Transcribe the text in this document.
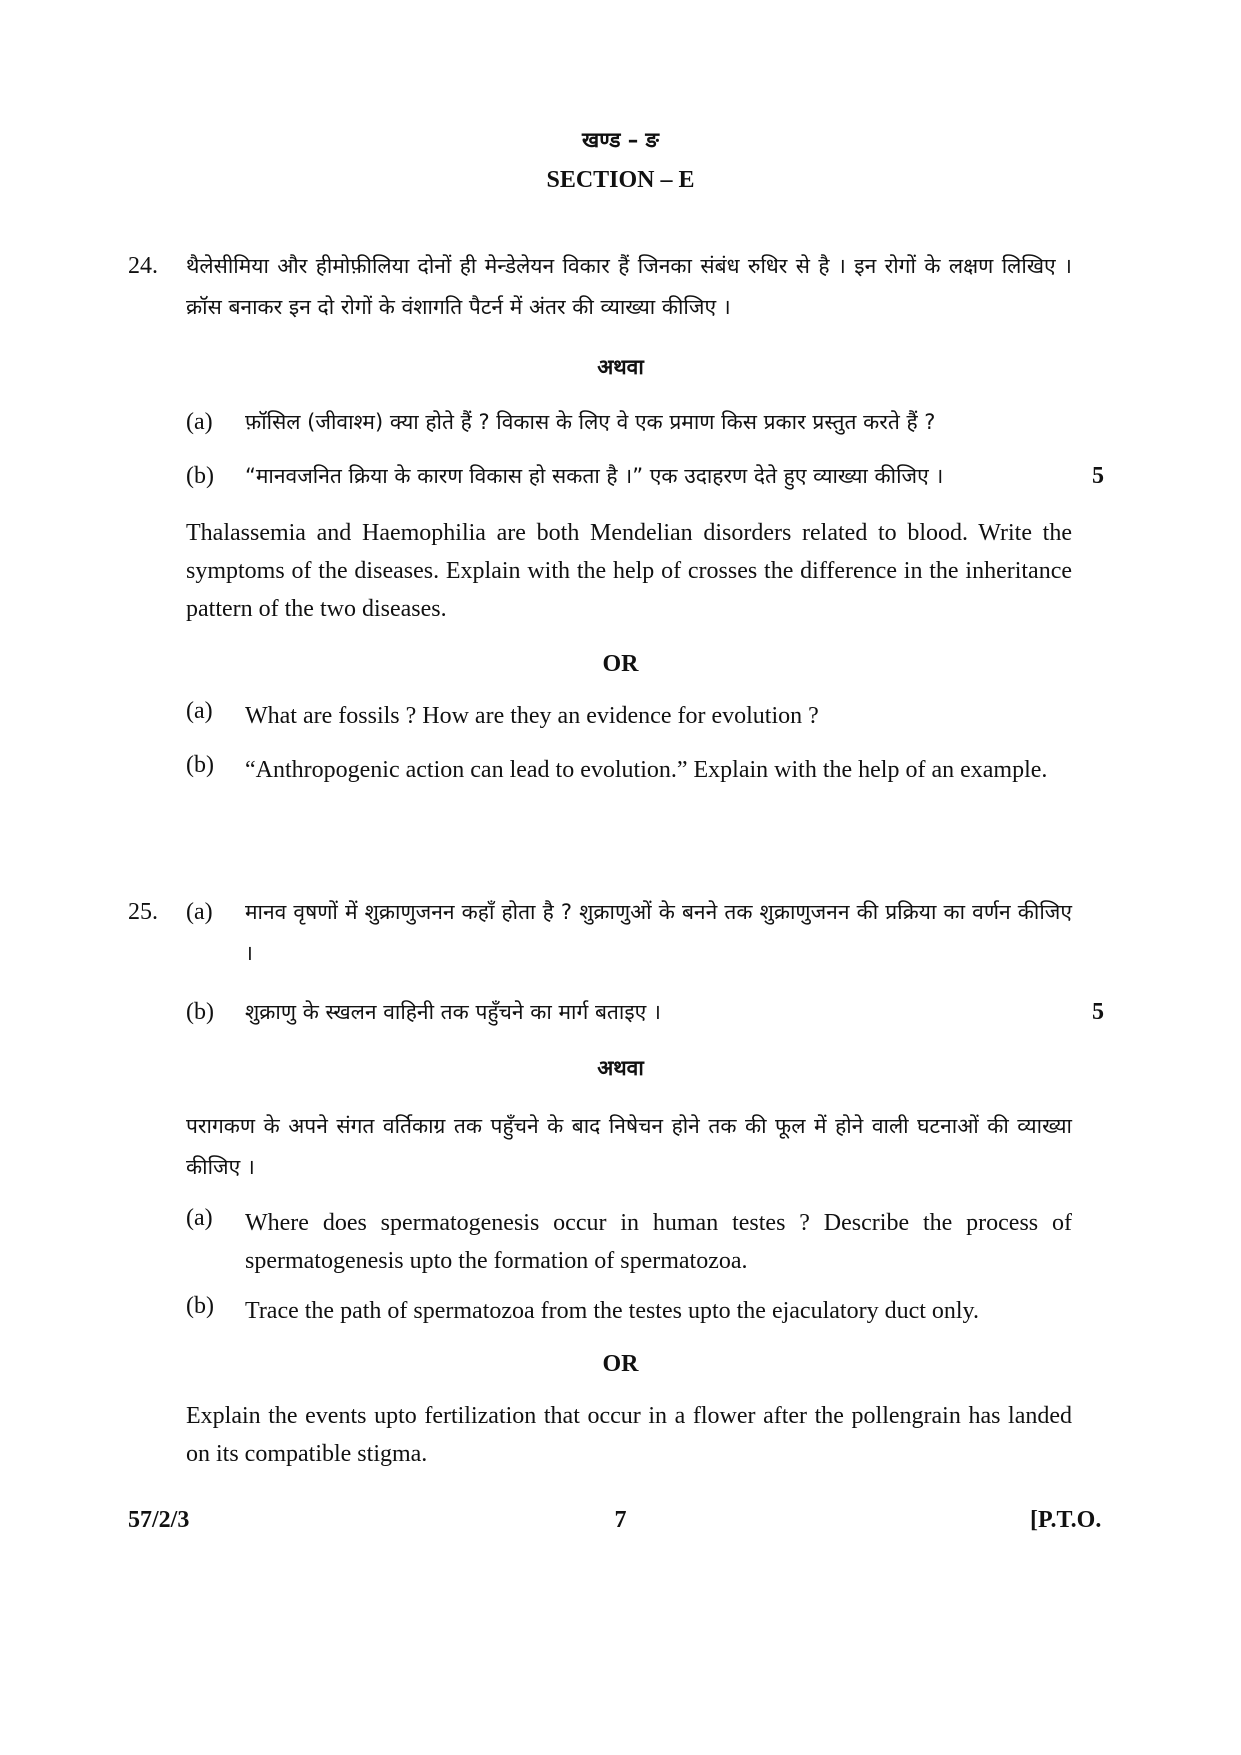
खण्ड – ङ
SECTION – E
24. थैलेसीमिया और हीमोफ़ीलिया दोनों ही मेन्डेलेयन विकार हैं जिनका संबंध रुधिर से है । इन रोगों के लक्षण लिखिए । क्रॉस बनाकर इन दो रोगों के वंशागति पैटर्न में अंतर की व्याख्या कीजिए ।
अथवा
(a) फ़ॉसिल (जीवाश्म) क्या होते हैं ? विकास के लिए वे एक प्रमाण किस प्रकार प्रस्तुत करते हैं ?
(b) “मानवजनित क्रिया के कारण विकास हो सकता है ।” एक उदाहरण देते हुए व्याख्या कीजिए ।	5
Thalassemia and Haemophilia are both Mendelian disorders related to blood. Write the symptoms of the diseases. Explain with the help of crosses the difference in the inheritance pattern of the two diseases.
OR
(a) What are fossils ? How are they an evidence for evolution ?
(b) “Anthropogenic action can lead to evolution.” Explain with the help of an example.
25. (a) मानव वृषणों में शुक्राणुजनन कहाँ होता है ? शुक्राणुओं के बनने तक शुक्राणुजनन की प्रक्रिया का वर्णन कीजिए ।
(b) शुक्राणु के स्खलन वाहिनी तक पहुँचने का मार्ग बताइए ।	5
अथवा
परागकण के अपने संगत वर्तिकाग्र तक पहुँचने के बाद निषेचन होने तक की फूल में होने वाली घटनाओं की व्याख्या कीजिए ।
(a) Where does spermatogenesis occur in human testes ? Describe the process of spermatogenesis upto the formation of spermatozoa.
(b) Trace the path of spermatozoa from the testes upto the ejaculatory duct only.
OR
Explain the events upto fertilization that occur in a flower after the pollengrain has landed on its compatible stigma.
57/2/3	7	[P.T.O.
